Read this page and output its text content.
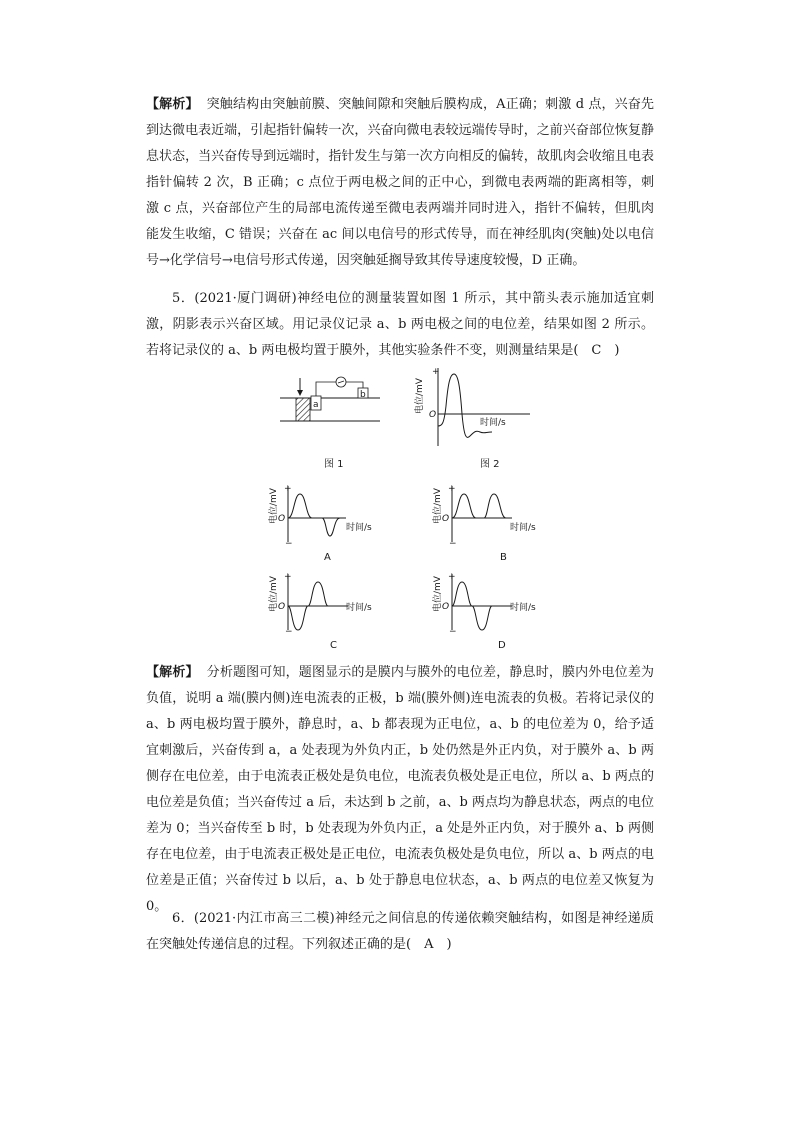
【解析】 突触结构由突触前膜、突触间隙和突触后膜构成，A正确；刺激 d 点，兴奋先到达微电表近端，引起指针偏转一次，兴奋向微电表较远端传导时，之前兴奋部位恢复静息状态，当兴奋传导到远端时，指针发生与第一次方向相反的偏转，故肌肉会收缩且电表指针偏转 2 次，B 正确；c 点位于两电极之间的正中心，到微电表两端的距离相等，刺激 c 点，兴奋部位产生的局部电流传递至微电表两端并同时进入，指针不偏转，但肌肉能发生收缩，C 错误；兴奋在 ac 间以电信号的形式传导，而在神经肌肉(突触)处以电信号→化学信号→电信号形式传递，因突触延搁导致其传导速度较慢，D 正确。
5．(2021·厦门调研)神经电位的测量装置如图 1 所示，其中箭头表示施加适宜刺激，阴影表示兴奋区域。用记录仪记录 a、b 两电极之间的电位差，结果如图 2 所示。若将记录仪的 a、b 两电极均置于膜外，其他实验条件不变，则测量结果是(　C　)
a
b
图 1
+
O
时间/s
电位/mV
图 2
+
−
O
时间/s
电位/mV
A
+
−
O
时间/s
电位/mV
B
+
−
O	时间/s
电位/mV
C
+
−
O	时间/s
电位/mV
D
【解析】 分析题图可知，题图显示的是膜内与膜外的电位差，静息时，膜内外电位差为负值，说明 a 端(膜内侧)连电流表的正极，b 端(膜外侧)连电流表的负极。若将记录仪的 a、b 两电极均置于膜外，静息时，a、b 都表现为正电位，a、b 的电位差为 0，给予适宜刺激后，兴奋传到 a，a 处表现为外负内正，b 处仍然是外正内负，对于膜外 a、b 两侧存在电位差，由于电流表正极处是负电位，电流表负极处是正电位，所以 a、b 两点的电位差是负值；当兴奋传过 a 后，未达到 b 之前，a、b 两点均为静息状态，两点的电位差为 0；当兴奋传至 b 时，b 处表现为外负内正，a 处是外正内负，对于膜外 a、b 两侧存在电位差，由于电流表正极处是正电位，电流表负极处是负电位，所以 a、b 两点的电位差是正值；兴奋传过 b 以后，a、b 处于静息电位状态，a、b 两点的电位差又恢复为 0。
6．(2021·内江市高三二模)神经元之间信息的传递依赖突触结构，如图是神经递质在突触处传递信息的过程。下列叙述正确的是(　A　)
